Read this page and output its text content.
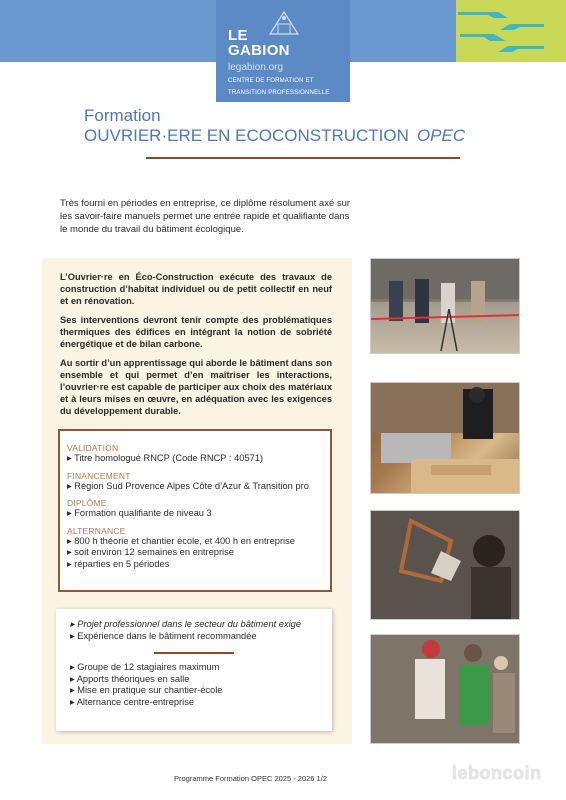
LE
GABION
legabion.org
CENTRE DE FORMATION ET
TRANSITION PROFESSIONNELLE
Formation
OUVRIER·ERE EN ECOCONSTRUCTION OPEC
Très fourni en périodes en entreprise, ce diplôme résolument axé sur les savoir-faire manuels permet une entrée rapide et qualifiante dans le monde du travail du bâtiment écologique.

L’Ouvrier·re en Éco-Construction exécute des travaux de construction d’habitat individuel ou de petit collectif en neuf et en rénovation.

Ses interventions devront tenir compte des problématiques thermiques des édifices en intégrant la notion de sobriété énergétique et de bilan carbone.

Au sortir d’un apprentissage qui aborde le bâtiment dans son ensemble et qui permet d’en maîtriser les interactions, l’ouvrier·re est capable de participer aux choix des matériaux et à leurs mises en œuvre, en adéquation avec les exigences du développement durable.

VALIDATION
▸ Titre homologué RNCP (Code RNCP : 40571)
FINANCEMENT
▸ Région Sud Provence Alpes Côte d’Azur & Transition pro
DIPLÔME
▸ Formation qualifiante de niveau 3
ALTERNANCE
▸ 800 h théorie et chantier école, et 400 h en entreprise
▸ soit environ 12 semaines en entreprise
▸ réparties en 5 périodes
▸ Projet professionnel dans le secteur du bâtiment exigé
▸ Expérience dans le bâtiment recommandée
▸ Groupe de 12 stagiaires maximum
▸ Apports théoriques en salle
▸ Mise en pratique sur chantier-école
▸ Alternance centre-entreprise
Programme Formation OPEC 2025 - 2026 1/2	leboncoin
